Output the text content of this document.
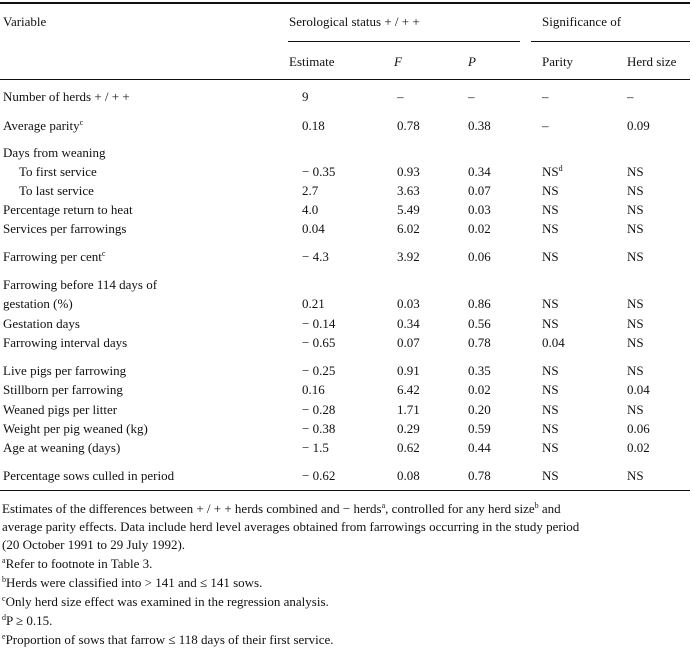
Variable	Serological status + / + +	Significance of
Estimate	F	P	Parity	Herd size
Number of herds + / + +	9	–	–	–	–
Average parity$^c$	0.18	0.78	0.38	–	0.09
Days from weaning
To first service	− 0.35	0.93	0.34	$NS^d$	NS
To last service	2.7	3.63	0.07	NS	NS
Percentage return to heat	4.0	5.49	0.03	NS	NS
Services per farrowings	0.04	6.02	0.02	NS	NS
Farrowing per cent$^c$	− 4.3	3.92	0.06	NS	NS
Farrowing before 114 days of
gestation (%)	0.21	0.03	0.86	NS	NS
Gestation days	− 0.14	0.34	0.56	NS	NS
Farrowing interval days	− 0.65	0.07	0.78	0.04	NS
Live pigs per farrowing	− 0.25	0.91	0.35	NS	NS
Stillborn per farrowing	0.16	6.42	0.02	NS	0.04
Weaned pigs per litter	− 0.28	1.71	0.20	NS	NS
Weight per pig weaned (kg)	− 0.38	0.29	0.59	NS	0.06
Age at weaning (days)	− 1.5	0.62	0.44	NS	0.02
Percentage sows culled in period	− 0.62	0.08	0.78	NS	NS
Estimates of the differences between + / + + herds combined and − herds$^a$, controlled for any herd size$^b$ and
average parity effects. Data include herd level averages obtained from farrowings occurring in the study period
(20 October 1991 to 29 July 1992).
$^a$Refer to footnote in Table 3.
$^b$Herds were classified into > 141 and ≤ 141 sows.
$^c$Only herd size effect was examined in the regression analysis.
$^d$P ≥ 0.15.
$^e$Proportion of sows that farrow ≤ 118 days of their first service.
